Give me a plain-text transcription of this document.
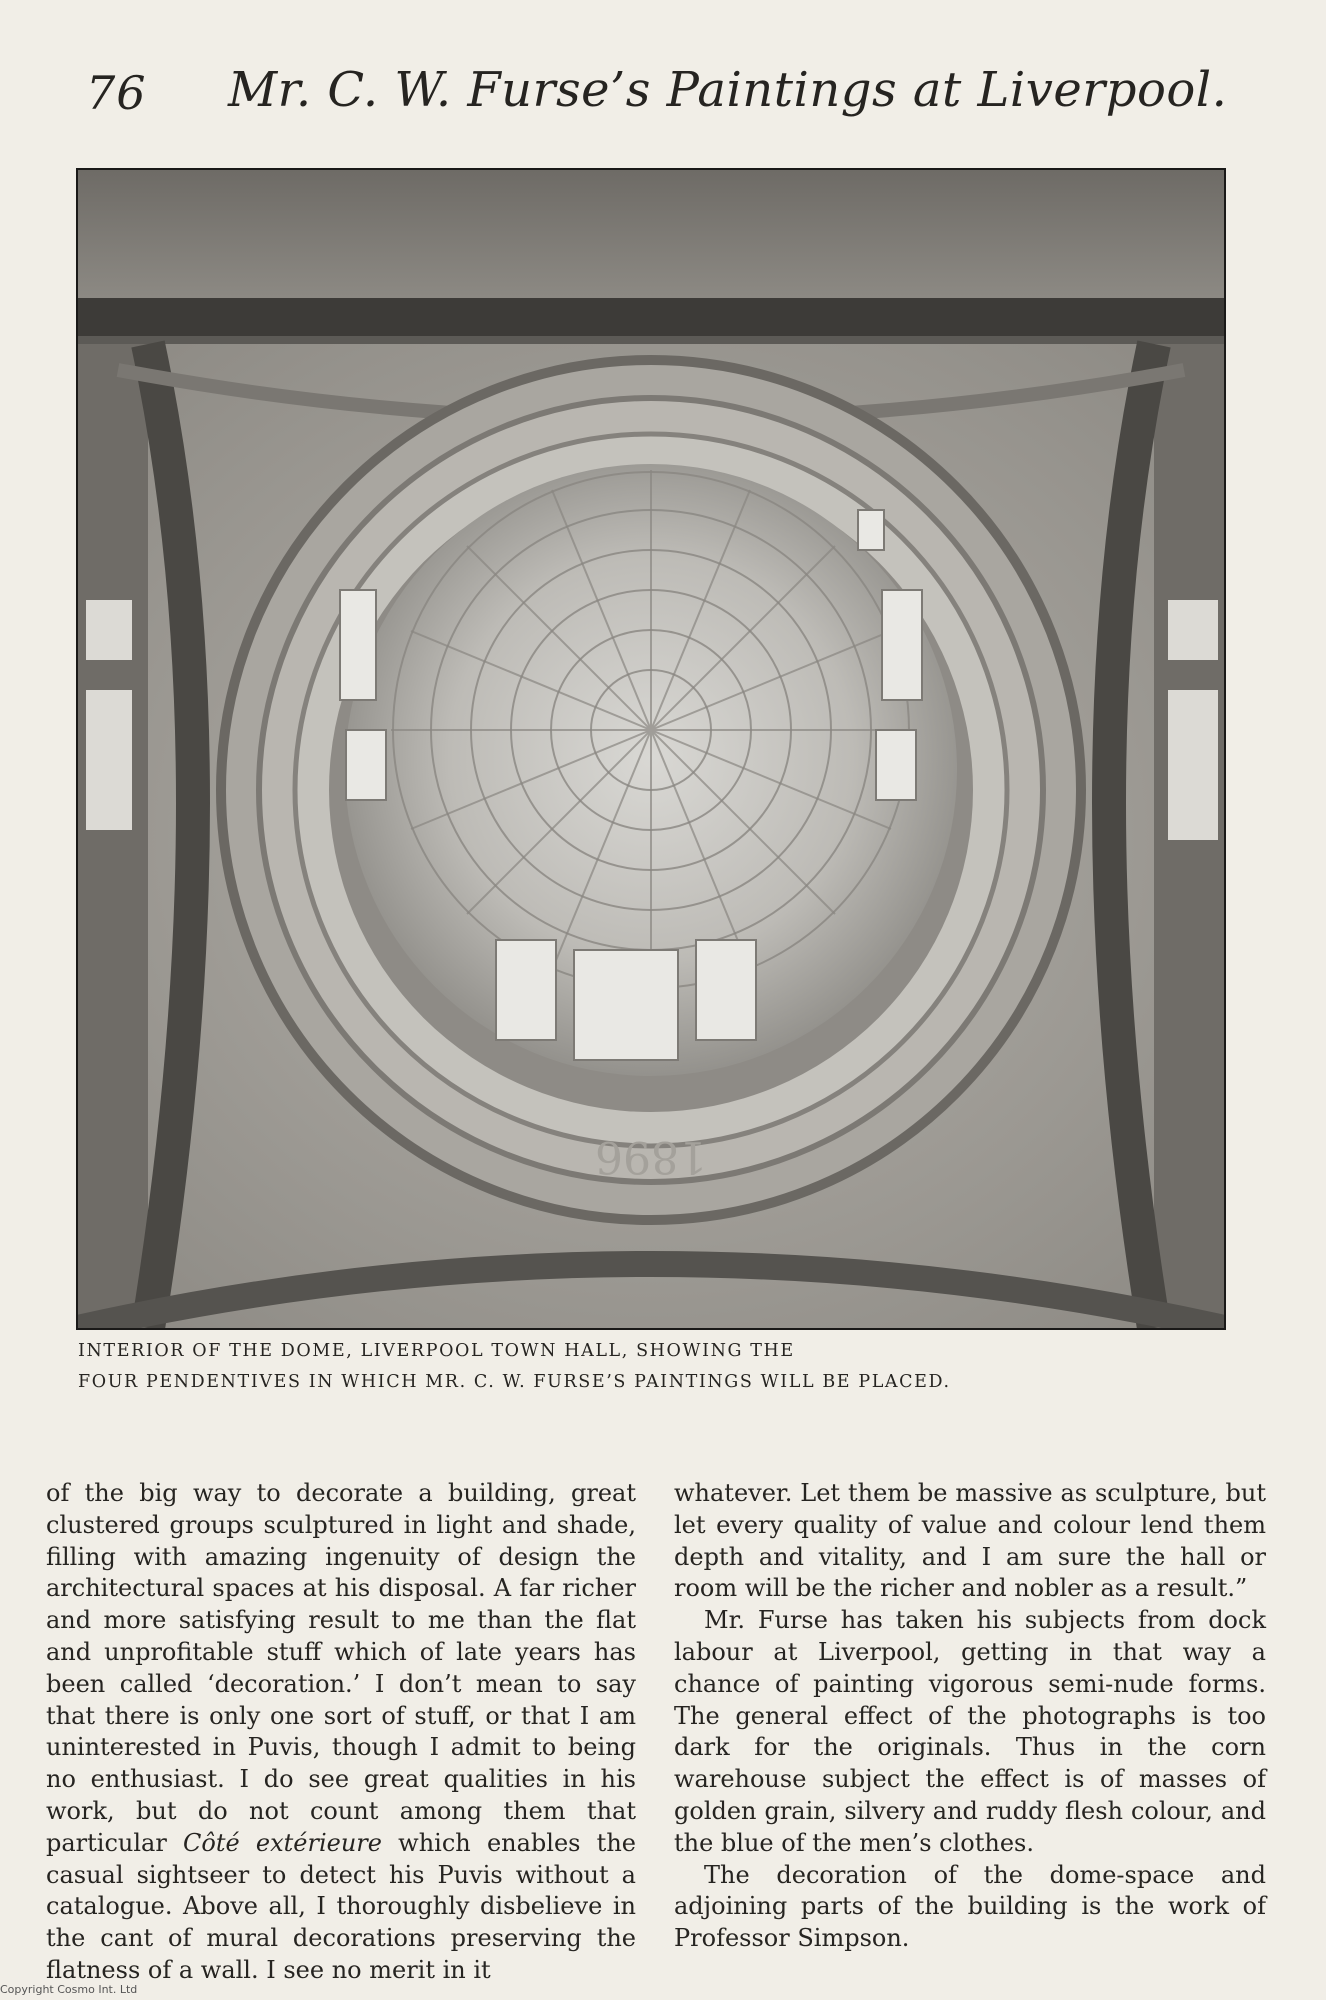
76 Mr. C. W. Furse’s Paintings at Liverpool.
1896
INTERIOR OF THE DOME, LIVERPOOL TOWN HALL, SHOWING THE
FOUR PENDENTIVES IN WHICH MR. C. W. FURSE’S PAINTINGS WILL BE PLACED.

of the big way to decorate a building, great clustered groups sculptured in light and shade, filling with amazing ingenuity of design the architectural spaces at his disposal. A far richer and more satisfying result to me than the flat and unprofitable stuff which of late years has been called ‘decoration.’ I don’t mean to say that there is only one sort of stuff, or that I am uninterested in Puvis, though I admit to being no enthusiast. I do see great qualities in his work, but do not count among them that particular Côté extérieure which enables the casual sightseer to detect his Puvis without a catalogue. Above all, I thoroughly disbelieve in the cant of mural decorations preserving the flatness of a wall. I see no merit in it

whatever. Let them be massive as sculpture, but let every quality of value and colour lend them depth and vitality, and I am sure the hall or room will be the richer and nobler as a result.”

Mr. Furse has taken his subjects from dock labour at Liverpool, getting in that way a chance of painting vigorous semi-nude forms. The general effect of the photographs is too dark for the originals. Thus in the corn warehouse subject the effect is of masses of golden grain, silvery and ruddy flesh colour, and the blue of the men’s clothes.

The decoration of the dome-space and adjoining parts of the building is the work of Professor Simpson.

Copyright Cosmo Int. Ltd
